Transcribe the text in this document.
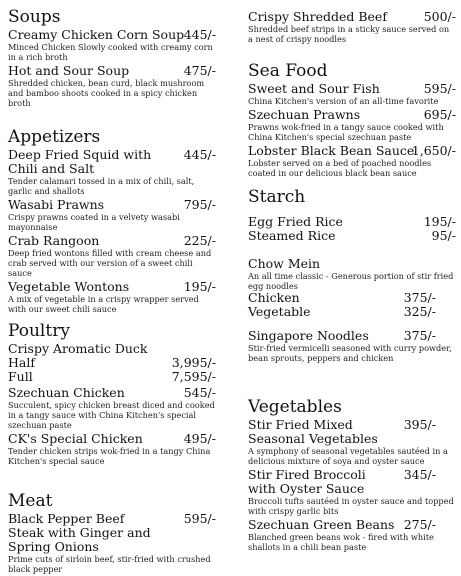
Soups
Creamy Chicken Corn Soup 445/-

Minced Chicken Slowly cooked with creamy corn in a rich broth

Hot and Sour Soup	475/-

Shredded chicken, bean curd, black mushroom and bamboo shoots cooked in a spicy chicken broth

Appetizers
Deep Fried Squid with Chili and Salt
445/-

Tender calamari tossed in a mix of chili, salt, garlic and shallots

Wasabi Prawns	795/-

Crispy prawns coated in a velvety wasabi mayonnaise

Crab Rangoon	225/-

Deep fried wontons filled with cream cheese and crab served with our version of a sweet chili sauce

Vegetable Wontons	195/-

A mix of vegetable in a crispy wrapper served with our sweet chili sauce

Poultry
Crispy Aromatic Duck
Half	3,995/-
Full	7,595/-
Szechuan Chicken	545/-

Succulent, spicy chicken breast diced and cooked in a tangy sauce with China Kitchen's special szechuan paste

CK's Special Chicken	495/-

Tender chicken strips wok-fried in a tangy China Kitchen's special sauce

Meat
Black Pepper Beef Steak with Ginger and Spring Onions
595/-

Prime cuts of sirloin beef, stir-fried with crushed black pepper

Crispy Shredded Beef	500/-

Shredded beef strips in a sticky sauce served on a nest of crispy noodles

Sea Food
Sweet and Sour Fish	595/-

China Kitchen's version of an all-time favorite

Szechuan Prawns	695/-

Prawns wok-fried in a tangy sauce cooked with China Kitchen's special szechuan paste

Lobster Black Bean Sauce
1,650/-

Lobster served on a bed of poached noodles coated in our delicious black bean sauce

Starch
Egg Fried Rice	195/-
Steamed Rice	95/-
Chow Mein

An all time classic - Generous portion of stir fried egg noodles

Chicken	375/-
Vegetable	325/-
Singapore Noodles	375/-

Stir-fried vermicelli seasoned with curry powder, bean sprouts, peppers and chicken

Vegetables
Stir Fried Mixed Seasonal Vegetables
395/-

A symphony of seasonal vegetables sautéed in a delicious mixture of soya and oyster sauce

Stir Fired Broccoli with Oyster Sauce
345/-

Broccoli tufts sautéed in oyster sauce and topped with crispy garlic bits

Szechuan Green Beans 275/-

Blanched green beans wok - fired with white shallots in a chili bean paste
